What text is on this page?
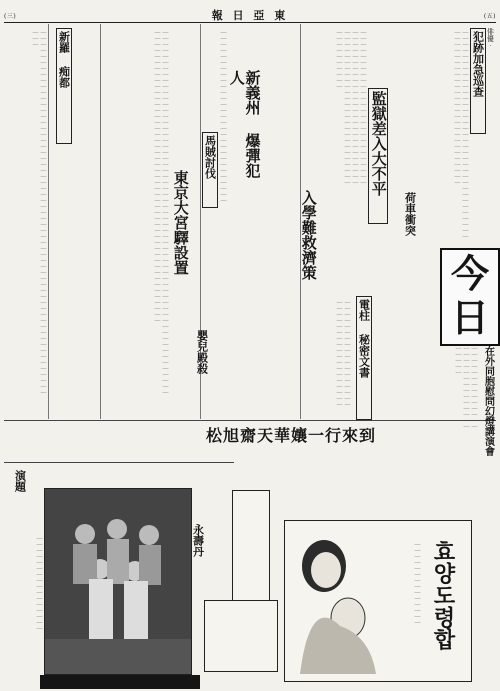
(三)	報 日 亞 東	(五)
犯跡加急巡查 俳優‧
｜｜｜｜｜｜｜｜｜｜｜｜｜｜｜｜｜｜｜｜｜｜｜｜｜｜｜｜｜｜｜｜｜｜｜｜｜｜｜｜｜｜｜｜｜｜｜｜｜｜｜｜｜｜｜｜｜｜｜｜｜
監獄差入大不平
｜｜｜｜｜｜｜｜｜｜｜｜｜｜｜｜｜｜｜｜｜｜｜｜｜｜｜｜｜｜｜｜｜｜｜｜｜｜｜｜｜｜｜｜｜｜｜｜｜｜｜｜｜｜｜｜｜｜｜｜｜｜｜｜｜｜｜｜｜｜｜｜｜｜｜｜｜｜｜｜｜｜｜｜｜｜｜｜
荷車衝突
入學難救濟策
電柱 秘密文書
｜｜｜｜｜｜｜｜｜｜｜｜｜｜｜｜｜｜｜｜｜｜｜｜｜｜｜｜｜｜｜｜｜｜｜｜
今
日
在外同胞慰問幻燈講演會
｜｜｜｜｜｜｜｜｜｜｜｜｜｜｜｜｜｜｜｜｜｜｜｜｜｜｜｜｜｜｜｜｜
新義州 爆彈犯人
｜｜｜｜｜｜｜｜｜｜｜｜｜｜｜｜｜｜｜｜｜｜｜｜｜｜｜｜｜
馬賊討伐
東京大宮驛設置
｜｜｜｜｜｜｜｜｜｜｜｜｜｜｜｜｜｜｜｜｜｜｜｜｜｜｜｜｜｜｜｜｜｜｜｜｜｜｜｜｜｜｜｜｜｜｜｜｜｜｜｜｜｜｜｜｜｜｜｜｜｜｜｜｜｜｜｜｜｜｜｜｜｜｜｜｜｜｜｜｜｜｜｜｜｜｜｜｜｜｜｜｜｜｜｜｜｜｜｜｜｜｜｜｜｜｜｜｜｜
嬰兒殿殺
新羅 痴都
｜｜｜｜｜｜｜｜｜｜｜｜｜｜｜｜｜｜｜｜｜｜｜｜｜｜｜｜｜｜｜｜｜｜｜｜｜｜｜｜｜｜｜｜｜｜｜｜｜｜｜｜｜｜｜｜｜｜｜｜｜｜｜｜
松旭齋天華孃一行來到
演題
｜｜｜｜｜｜｜｜｜｜｜｜｜｜｜｜	永壽丹	효양도령합
｜｜｜｜｜｜｜｜｜｜｜｜｜｜
